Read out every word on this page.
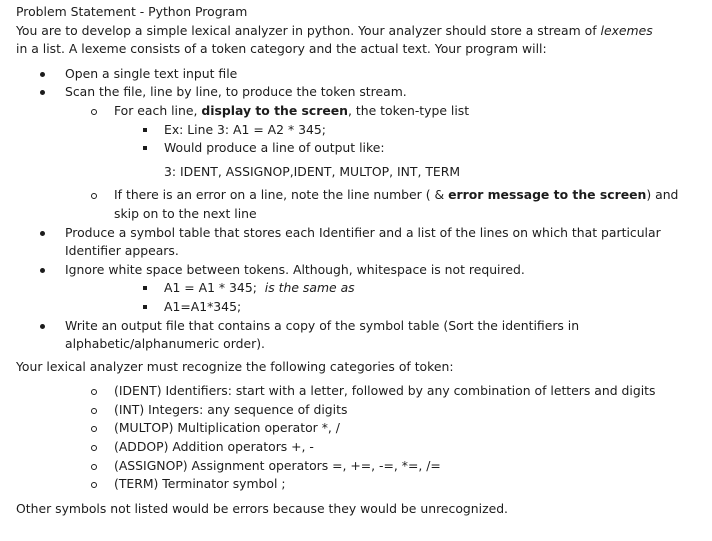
Problem Statement - Python Program

You are to develop a simple lexical analyzer in python. Your analyzer should store a stream of lexemes

in a list. A lexeme consists of a token category and the actual text. Your program will:

Open a single text input file

Scan the file, line by line, to produce the token stream.

For each line, display to the screen, the token-type list

Ex: Line 3: A1 = A2 * 345;

Would produce a line of output like:

3: IDENT, ASSIGNOP,IDENT, MULTOP, INT, TERM

If there is an error on a line, note the line number ( & error message to the screen) and

skip on to the next line

Produce a symbol table that stores each Identifier and a list of the lines on which that particular

Identifier appears.

Ignore white space between tokens. Although, whitespace is not required.

A1 = A1 * 345; is the same as

A1=A1*345;

Write an output file that contains a copy of the symbol table (Sort the identifiers in

alphabetic/alphanumeric order).

Your lexical analyzer must recognize the following categories of token:

(IDENT) Identifiers: start with a letter, followed by any combination of letters and digits

(INT) Integers: any sequence of digits

(MULTOP) Multiplication operator *, /

(ADDOP) Addition operators +, -

(ASSIGNOP) Assignment operators =, +=, -=, *=, /=

(TERM) Terminator symbol ;

Other symbols not listed would be errors because they would be unrecognized.
